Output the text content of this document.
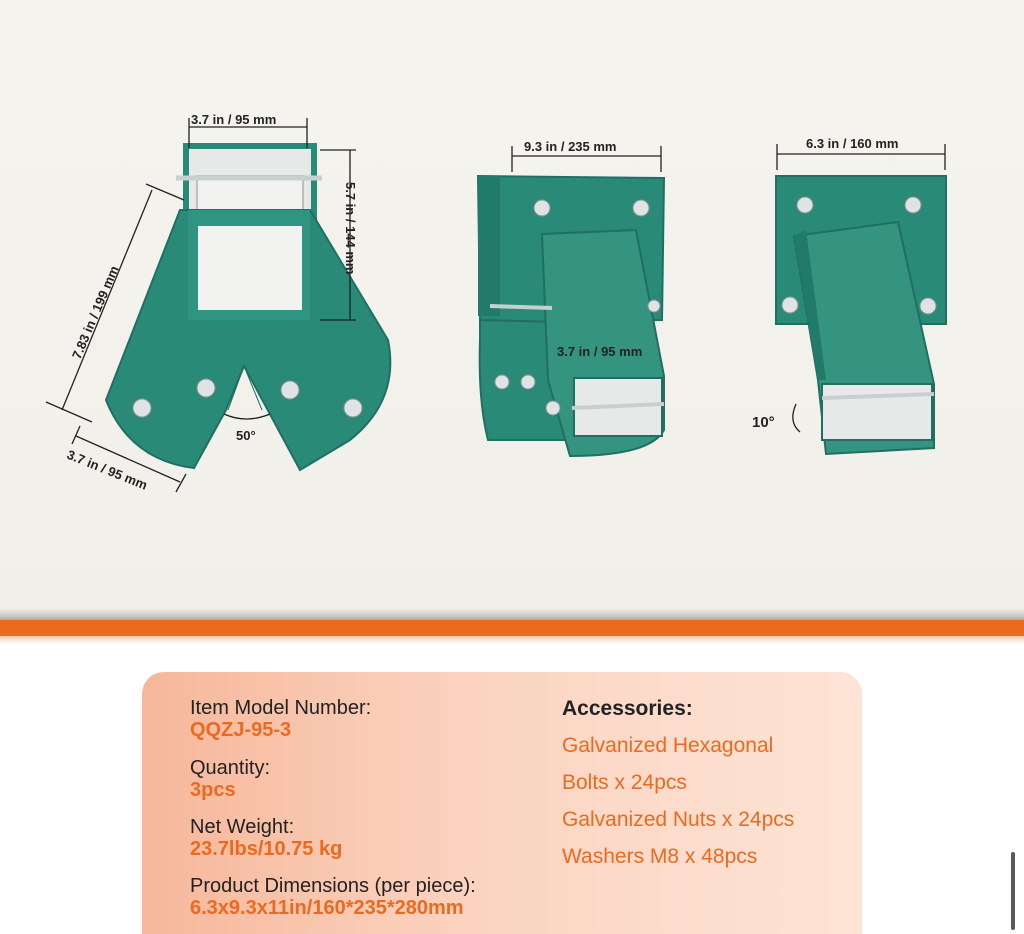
3.7 in / 95 mm
5.7 in / 144 mm
7.83 in / 199 mm
3.7 in / 95 mm
50°
9.3 in / 235 mm
3.7 in / 95 mm
6.3 in / 160 mm
10°
Item Model Number:
QQZJ-95-3
Quantity:
3pcs
Net Weight:
23.7lbs/10.75 kg
Product Dimensions (per piece):
6.3x9.3x11in/160*235*280mm
Accessories:
Galvanized Hexagonal
Bolts x 24pcs
Galvanized Nuts x 24pcs
Washers M8 x 48pcs
